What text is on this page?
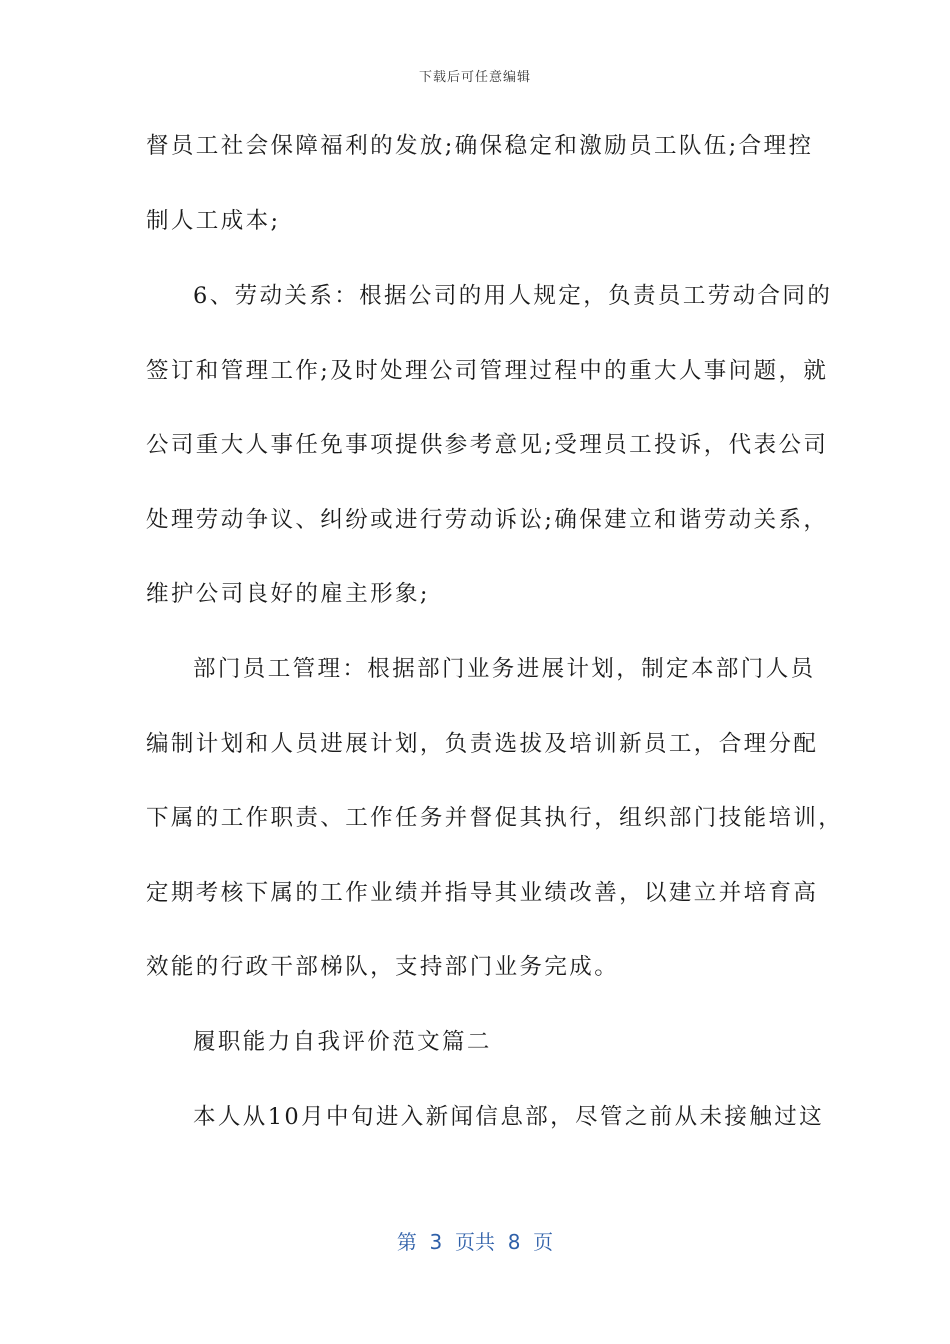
下载后可任意编辑
督员工社会保障福利的发放;确保稳定和激励员工队伍;合理控
制人工成本;
6、劳动关系：根据公司的用人规定，负责员工劳动合同的
签订和管理工作;及时处理公司管理过程中的重大人事问题，就
公司重大人事任免事项提供参考意见;受理员工投诉，代表公司
处理劳动争议、纠纷或进行劳动诉讼;确保建立和谐劳动关系，
维护公司良好的雇主形象;
部门员工管理：根据部门业务进展计划，制定本部门人员
编制计划和人员进展计划，负责选拔及培训新员工，合理分配
下属的工作职责、工作任务并督促其执行，组织部门技能培训，
定期考核下属的工作业绩并指导其业绩改善，以建立并培育高
效能的行政干部梯队，支持部门业务完成。
履职能力自我评价范文篇二
本人从10月中旬进入新闻信息部，尽管之前从未接触过这
第  3  页共  8  页
